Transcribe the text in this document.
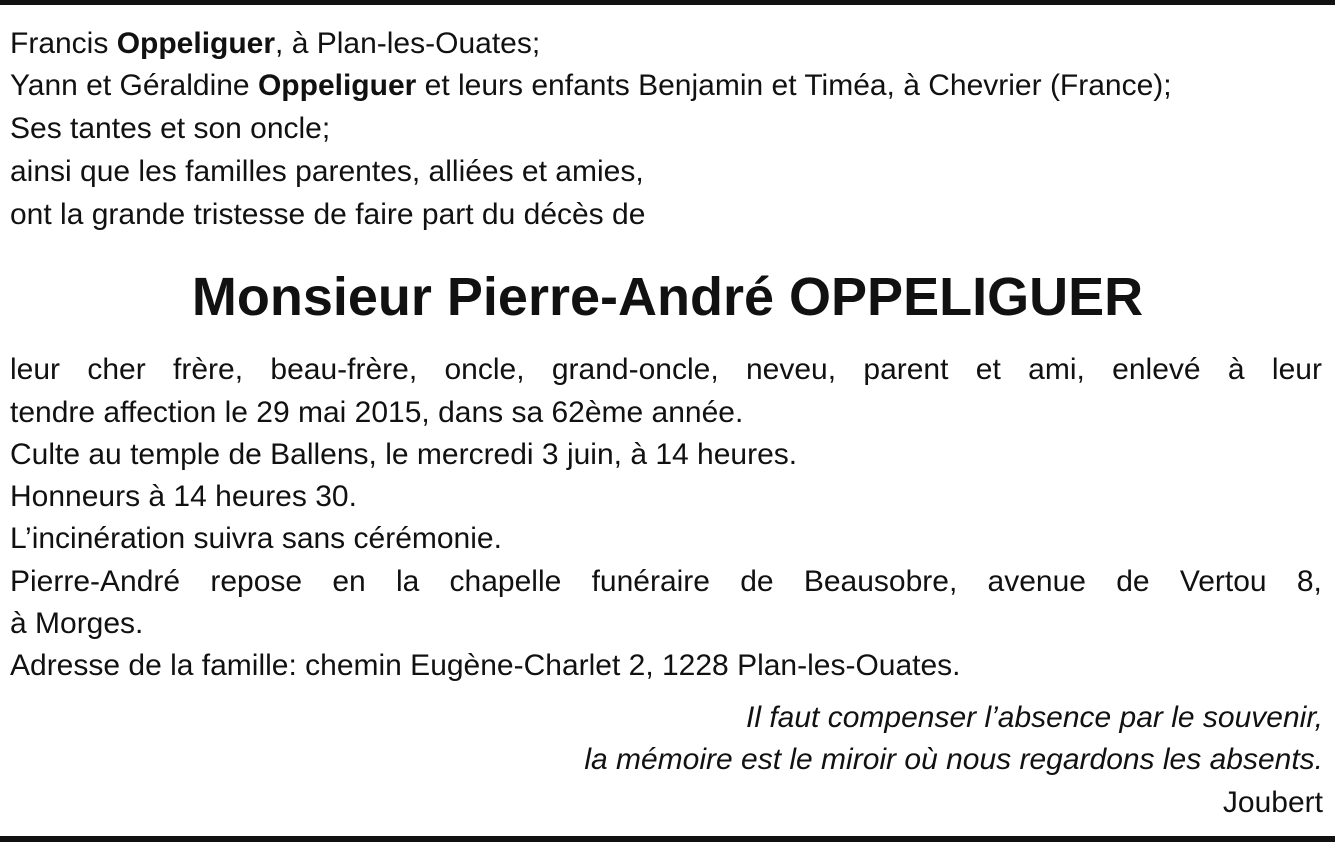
Francis Oppeliguer, à Plan-les-Ouates;
Yann et Géraldine Oppeliguer et leurs enfants Benjamin et Timéa, à Chevrier (France);
Ses tantes et son oncle;
ainsi que les familles parentes, alliées et amies,
ont la grande tristesse de faire part du décès de
Monsieur Pierre-André OPPELIGUER
leur cher frère, beau-frère, oncle, grand-oncle, neveu, parent et ami, enlevé à leur
tendre affection le 29 mai 2015, dans sa 62ème année.
Culte au temple de Ballens, le mercredi 3 juin, à 14 heures.
Honneurs à 14 heures 30.
L’incinération suivra sans cérémonie.
Pierre-André repose en la chapelle funéraire de Beausobre, avenue de Vertou 8,
à Morges.
Adresse de la famille: chemin Eugène-Charlet 2, 1228 Plan-les-Ouates.
Il faut compenser l’absence par le souvenir,
la mémoire est le miroir où nous regardons les absents.
Joubert
